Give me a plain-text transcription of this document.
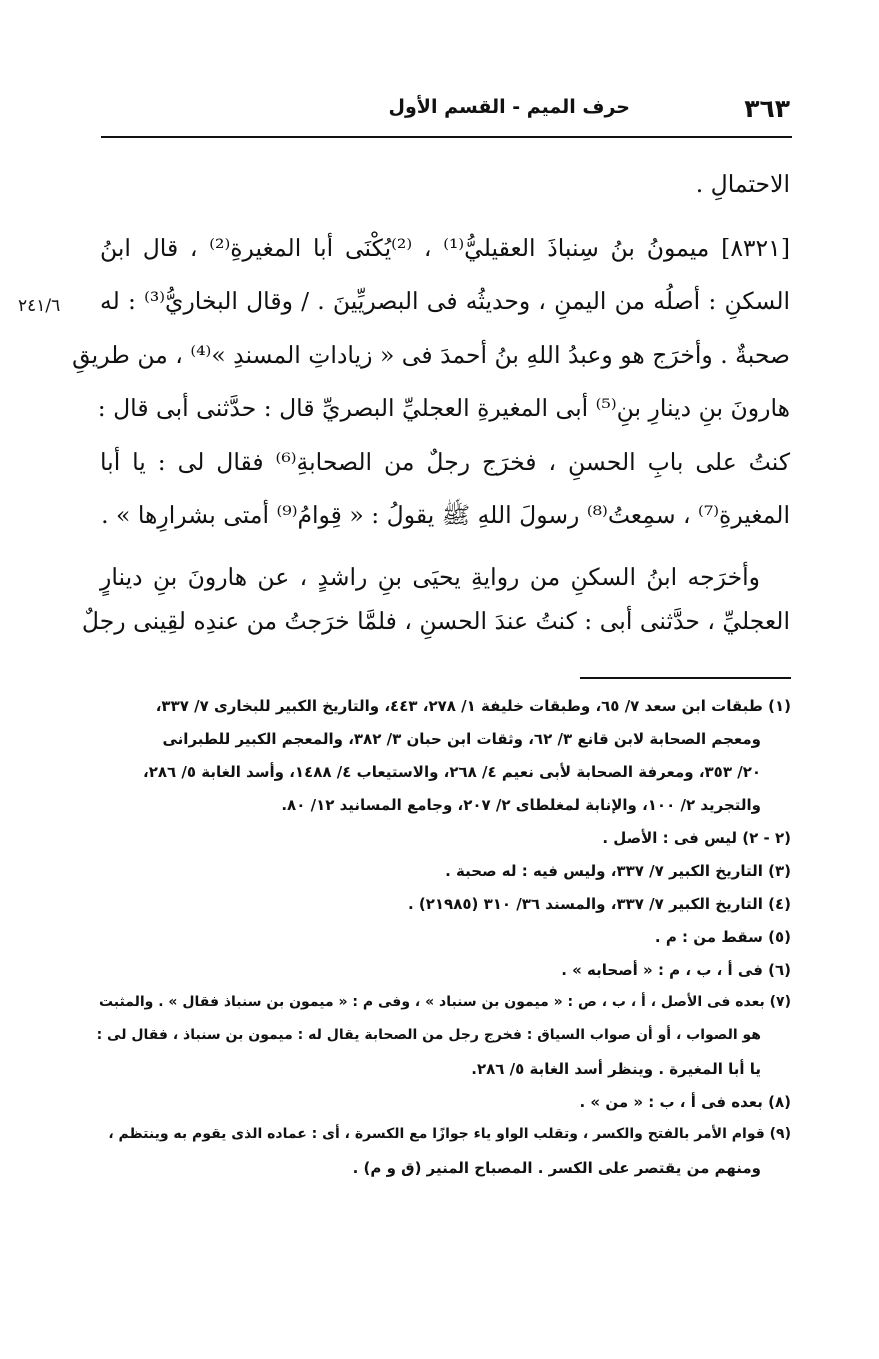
٣٦٣
حرف الميم - القسم الأول
٢٤١/٦
الاحتمالِ .
[٨٣٢١] ميمونُ بنُ سِنباذَ العقيليُّ⁽¹⁾ ، ⁽²⁾يُكْنَى أبا المغيرةِ⁽²⁾ ، قال ابنُ
السكنِ : أصلُه من اليمنِ ، وحديثُه فى البصريِّينَ . / وقال البخاريُّ⁽³⁾ : له
صحبةٌ . وأخرَج هو وعبدُ اللهِ بنُ أحمدَ فى « زياداتِ المسندِ »⁽⁴⁾ ، من طريقِ
هارونَ بنِ دينارِ بنِ⁽⁵⁾ أبى المغيرةِ العجليِّ البصريِّ قال : حدَّثنى أبى قال :
كنتُ على بابِ الحسنِ ، فخرَج رجلٌ من الصحابةِ⁽⁶⁾ فقال لى : يا أبا
المغيرةِ⁽⁷⁾ ، سمِعتُ⁽⁸⁾ رسولَ اللهِ ﷺ يقولُ : « قِوامُ⁽⁹⁾ أمتى بشرارِها » .
وأخرَجه ابنُ السكنِ من روايةِ يحيَى بنِ راشدٍ ، عن هارونَ بنِ دينارٍ
العجليِّ ، حدَّثنى أبى : كنتُ عندَ الحسنِ ، فلمَّا خرَجتُ من عندِه لقِينى رجلٌ
(١) طبقات ابن سعد ٧/ ٦٥، وطبقات خليفة ١/ ٢٧٨، ٤٤٣، والتاريخ الكبير للبخارى ٧/ ٣٣٧،
ومعجم الصحابة لابن قانع ٣/ ٦٢، وثقات ابن حبان ٣/ ٣٨٢، والمعجم الكبير للطبرانى
٢٠/ ٣٥٣، ومعرفة الصحابة لأبى نعيم ٤/ ٢٦٨، والاستيعاب ٤/ ١٤٨٨، وأسد الغابة ٥/ ٢٨٦،
والتجريد ٢/ ١٠٠، والإنابة لمغلطاى ٢/ ٢٠٧، وجامع المسانيد ١٢/ ٨٠.
(٢ - ٢) ليس فى : الأصل .
(٣) التاريخ الكبير ٧/ ٣٣٧، وليس فيه : له صحبة .
(٤) التاريخ الكبير ٧/ ٣٣٧، والمسند ٣٦/ ٣١٠ (٢١٩٨٥) .
(٥) سقط من : م .
(٦) فى أ ، ب ، م : « أصحابه » .
(٧) بعده فى الأصل ، أ ، ب ، ص : « ميمون بن سنباد » ، وفى م : « ميمون بن سنباذ فقال » . والمثبت
هو الصواب ، أو أن صواب السياق : فخرج رجل من الصحابة يقال له : ميمون بن سنباذ ، فقال لى :
يا أبا المغيرة . وينظر أسد الغابة ٥/ ٢٨٦.
(٨) بعده فى أ ، ب : « من » .
(٩) قوام الأمر بالفتح والكسر ، وتقلب الواو ياء جوازًا مع الكسرة ، أى : عماده الذى يقوم به وينتظم ،
ومنهم من يقتصر على الكسر . المصباح المنير (ق و م) .
